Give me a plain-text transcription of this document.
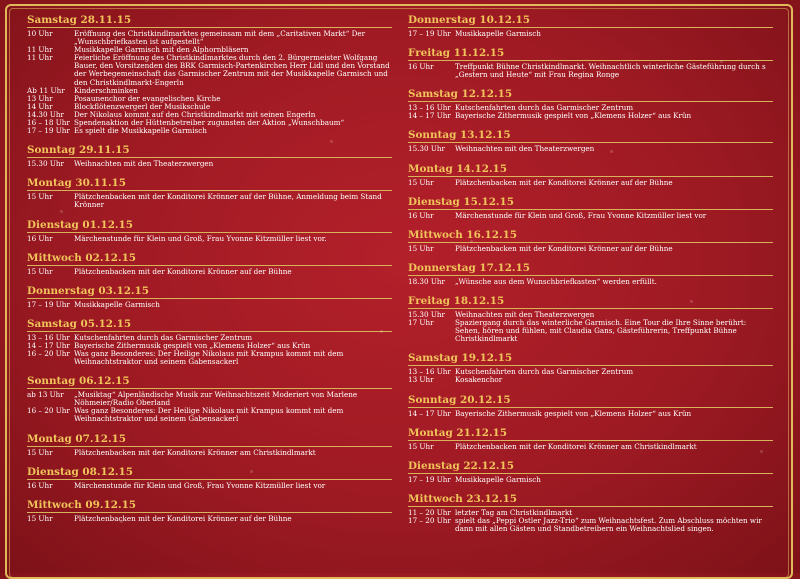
Samstag 28.11.15
10 Uhr	Eröffnung des Christkindlmarktes gemeinsam mit dem „Caritativen Markt“ Der „Wunschbriefkasten ist aufgestellt“
11 Uhr	Musikkapelle Garmisch mit den Alphornbläsern
11 Uhr	Feierliche Eröffnung des Christkindlmarktes durch den 2. Bürgermeister Wolfgang Bauer, den Vorsitzenden des BRK Garmisch-Partenkirchen Herr Lidl und den Vorstand der Werbegemeinschaft das Garmischer Zentrum mit der Musikkapelle Garmisch und den Christkindlmarkt-Engerln
Ab 11 Uhr	Kinderschminken
13 Uhr	Posaunenchor der evangelischen Kirche
14 Uhr	Blockflötenzwergerl der Musikschule
14.30 Uhr	Der Nikolaus kommt auf den Christkindlmarkt mit seinen Engerln
16 – 18 Uhr Spendenaktion der Hüttenbetreiber zugunsten der Aktion „Wunschbaum“
17 – 19 Uhr Es spielt die Musikkapelle Garmisch
Sonntag 29.11.15
15.30 Uhr	Weihnachten mit den Theaterzwergen
Montag 30.11.15
15 Uhr	Plätzchenbacken mit der Konditorei Krönner auf der Bühne, Anmeldung beim Stand Krönner
Dienstag 01.12.15
16 Uhr	Märchenstunde für Klein und Groß, Frau Yvonne Kitzmüller liest vor.
Mittwoch 02.12.15
15 Uhr	Plätzchenbacken mit der Konditorei Krönner auf der Bühne
Donnerstag 03.12.15
17 – 19 Uhr Musikkapelle Garmisch
Samstag 05.12.15
13 – 16 Uhr Kutschenfahrten durch das Garmischer Zentrum
14 – 17 Uhr Bayerische Zithermusik gespielt von „Klemens Holzer“ aus Krün
16 – 20 Uhr Was ganz Besonderes: Der Heilige Nikolaus mit Krampus kommt mit dem Weihnachtstraktor und seinem Gabensackerl
Sonntag 06.12.15
ab 13 Uhr	„Musiktag“ Alpenländische Musik zur Weihnachtszeit Moderiert von Marlene Nöhmeier/Radio Oberland
16 – 20 Uhr Was ganz Besonderes: Der Heilige Nikolaus mit Krampus kommt mit dem Weihnachtstraktor und seinem Gabensackerl
Montag 07.12.15
15 Uhr	Plätzchenbacken mit der Konditorei Krönner am Christkindlmarkt
Dienstag 08.12.15
16 Uhr	Märchenstunde für Klein und Groß, Frau Yvonne Kitzmüller liest vor
Mittwoch 09.12.15
15 Uhr	Plätzchenbacken mit der Konditorei Krönner auf der Bühne
Donnerstag 10.12.15
17 – 19 Uhr Musikkapelle Garmisch
Freitag 11.12.15
16 Uhr	Treffpunkt Bühne Christkindlmarkt. Weihnachtlich winterliche Gästeführung durch s „Gestern und Heute“ mit Frau Regina Ronge
Samstag 12.12.15
13 – 16 Uhr Kutschenfahrten durch das Garmischer Zentrum
14 – 17 Uhr Bayerische Zithermusik gespielt von „Klemens Holzer“ aus Krün
Sonntag 13.12.15
15.30 Uhr	Weihnachten mit den Theaterzwergen
Montag 14.12.15
15 Uhr	Plätzchenbacken mit der Konditorei Krönner auf der Bühne
Dienstag 15.12.15
16 Uhr	Märchenstunde für Klein und Groß, Frau Yvonne Kitzmüller liest vor
Mittwoch 16.12.15
15 Uhr	Plätzchenbacken mit der Konditorei Krönner auf der Bühne
Donnerstag 17.12.15
18.30 Uhr	„Wünsche aus dem Wunschbriefkasten“ werden erfüllt.
Freitag 18.12.15
15.30 Uhr	Weihnachten mit den Theaterzwergen
17 Uhr	Spaziergang durch das winterliche Garmisch. Eine Tour die Ihre Sinne berührt: Sehen, hören und fühlen, mit Claudia Gans, Gästeführerin, Treffpunkt Bühne Christkindlmarkt
Samstag 19.12.15
13 – 16 Uhr Kutschenfahrten durch das Garmischer Zentrum
13 Uhr	Kosakenchor
Sonntag 20.12.15
14 – 17 Uhr Bayerische Zithermusik gespielt von „Klemens Holzer“ aus Krün
Montag 21.12.15
15 Uhr	Plätzchenbacken mit der Konditorei Krönner am Christkindlmarkt
Dienstag 22.12.15
17 – 19 Uhr Musikkapelle Garmisch
Mittwoch 23.12.15
11 – 20 Uhr letzter Tag am Christkindlmarkt
17 – 20 Uhr spielt das „Peppi Ostler Jazz-Trio“ zum Weihnachtsfest. Zum Abschluss möchten wir dann mit allen Gästen und Standbetreibern ein Weihnachtslied singen.
